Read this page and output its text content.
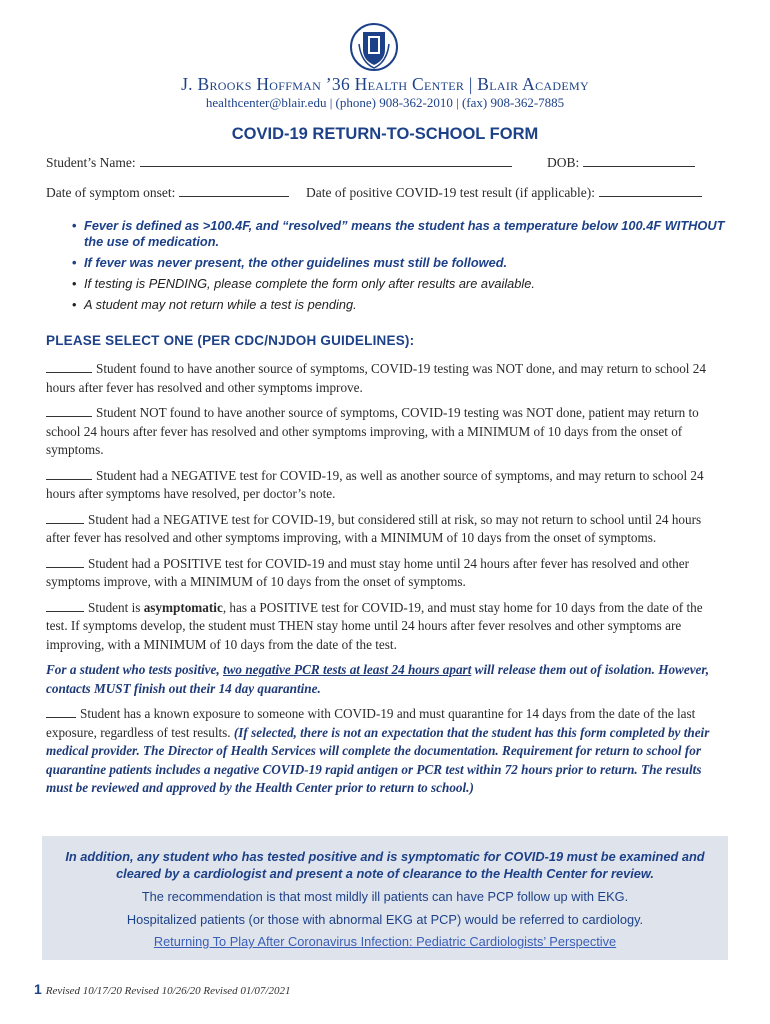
J. Brooks Hoffman ’36 Health Center | Blair Academy
healthcenter@blair.edu | (phone) 908-362-2010 | (fax) 908-362-7885
COVID-19 RETURN-TO-SCHOOL FORM
Student’s Name:	DOB:
Date of symptom onset:	Date of positive COVID-19 test result (if applicable):
• Fever is defined as >100.4F, and “resolved” means the student has a temperature below 100.4F WITHOUT the use of medication.
• If fever was never present, the other guidelines must still be followed.
• If testing is PENDING, please complete the form only after results are available.
• A student may not return while a test is pending.
PLEASE SELECT ONE (PER CDC/NJDOH GUIDELINES):

Student found to have another source of symptoms, COVID-19 testing was NOT done, and may return to school 24 hours after fever has resolved and other symptoms improve.

Student NOT found to have another source of symptoms, COVID-19 testing was NOT done, patient may return to school 24 hours after fever has resolved and other symptoms improving, with a MINIMUM of 10 days from the onset of symptoms.

Student had a NEGATIVE test for COVID-19, as well as another source of symptoms, and may return to school 24 hours after symptoms have resolved, per doctor’s note.

Student had a NEGATIVE test for COVID-19, but considered still at risk, so may not return to school until 24 hours after fever has resolved and other symptoms improving, with a MINIMUM of 10 days from the onset of symptoms.

Student had a POSITIVE test for COVID-19 and must stay home until 24 hours after fever has resolved and other symptoms improve, with a MINIMUM of 10 days from the onset of symptoms.

Student is asymptomatic, has a POSITIVE test for COVID-19, and must stay home for 10 days from the date of the test. If symptoms develop, the student must THEN stay home until 24 hours after fever resolves and other symptoms are improving, with a MINIMUM of 10 days from the date of the test.

For a student who tests positive, two negative PCR tests at least 24 hours apart will release them out of isolation. However, contacts MUST finish out their 14 day quarantine.

Student has a known exposure to someone with COVID-19 and must quarantine for 14 days from the date of the last exposure, regardless of test results. (If selected, there is not an expectation that the student has this form completed by their medical provider. The Director of Health Services will complete the documentation. Requirement for return to school for quarantine patients includes a negative COVID-19 rapid antigen or PCR test within 72 hours prior to return. The results must be reviewed and approved by the Health Center prior to return to school.)

In addition, any student who has tested positive and is symptomatic for COVID-19 must be examined and cleared by a cardiologist and present a note of clearance to the Health Center for review.
The recommendation is that most mildly ill patients can have PCP follow up with EKG.
Hospitalized patients (or those with abnormal EKG at PCP) would be referred to cardiology.
Returning To Play After Coronavirus Infection: Pediatric Cardiologists’ Perspective
1 Revised 10/17/20 Revised 10/26/20 Revised 01/07/2021
